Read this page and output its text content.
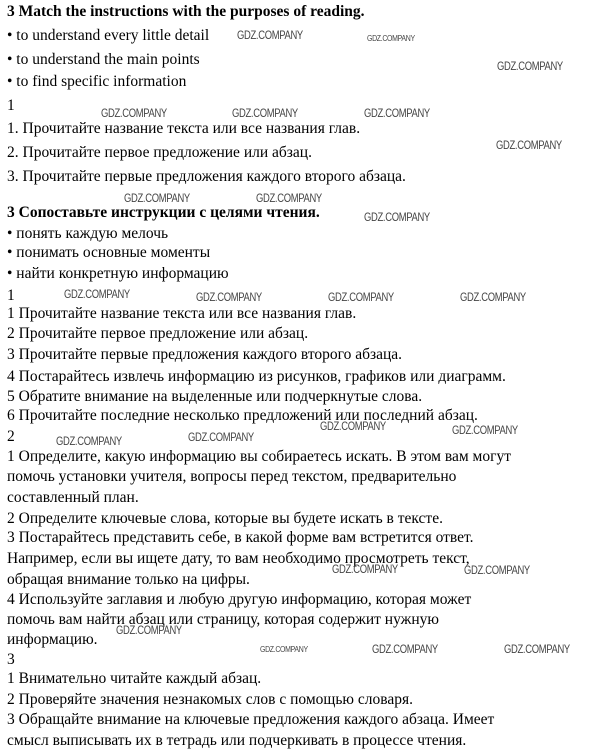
3 Match the instructions with the purposes of reading.
• to understand every little detail
• to understand the main points
• to find specific information
1
1. Прочитайте название текста или все названия глав.
2. Прочитайте первое предложение или абзац.
3. Прочитайте первые предложения каждого второго абзаца.
3 Сопоставьте инструкции с целями чтения.
• понять каждую мелочь
• понимать основные моменты
• найти конкретную информацию
1
1 Прочитайте название текста или все названия глав.
2 Прочитайте первое предложение или абзац.
3 Прочитайте первые предложения каждого второго абзаца.
4 Постарайтесь извлечь информацию из рисунков, графиков или диаграмм.
5 Обратите внимание на выделенные или подчеркнутые слова.
6 Прочитайте последние несколько предложений или последний абзац.
2
1 Определите, какую информацию вы собираетесь искать. В этом вам могут
помочь установки учителя, вопросы перед текстом, предварительно
составленный план.
2 Определите ключевые слова, которые вы будете искать в тексте.
3 Постарайтесь представить себе, в какой форме вам встретится ответ.
Например, если вы ищете дату, то вам необходимо просмотреть текст,
обращая внимание только на цифры.
4 Используйте заглавия и любую другую информацию, которая может
помочь вам найти абзац или страницу, которая содержит нужную
информацию.
3
1 Внимательно читайте каждый абзац.
2 Проверяйте значения незнакомых слов с помощью словаря.
3 Обращайте внимание на ключевые предложения каждого абзаца. Имеет
смысл выписывать их в тетрадь или подчеркивать в процессе чтения.
GDZ.COMPANY	GDZ.COMPANY
GDZ.COMPANY
GDZ.COMPANY	GDZ.COMPANY	GDZ.COMPANY
GDZ.COMPANY
GDZ.COMPANY	GDZ.COMPANY
GDZ.COMPANY
GDZ.COMPANY	GDZ.COMPANY	GDZ.COMPANY	GDZ.COMPANY
GDZ.COMPANY	GDZ.COMPANY
GDZ.COMPANY	GDZ.COMPANY
GDZ.COMPANY	GDZ.COMPANY
GDZ.COMPANY
GDZ.COMPANY	GDZ.COMPANY	GDZ.COMPANY
